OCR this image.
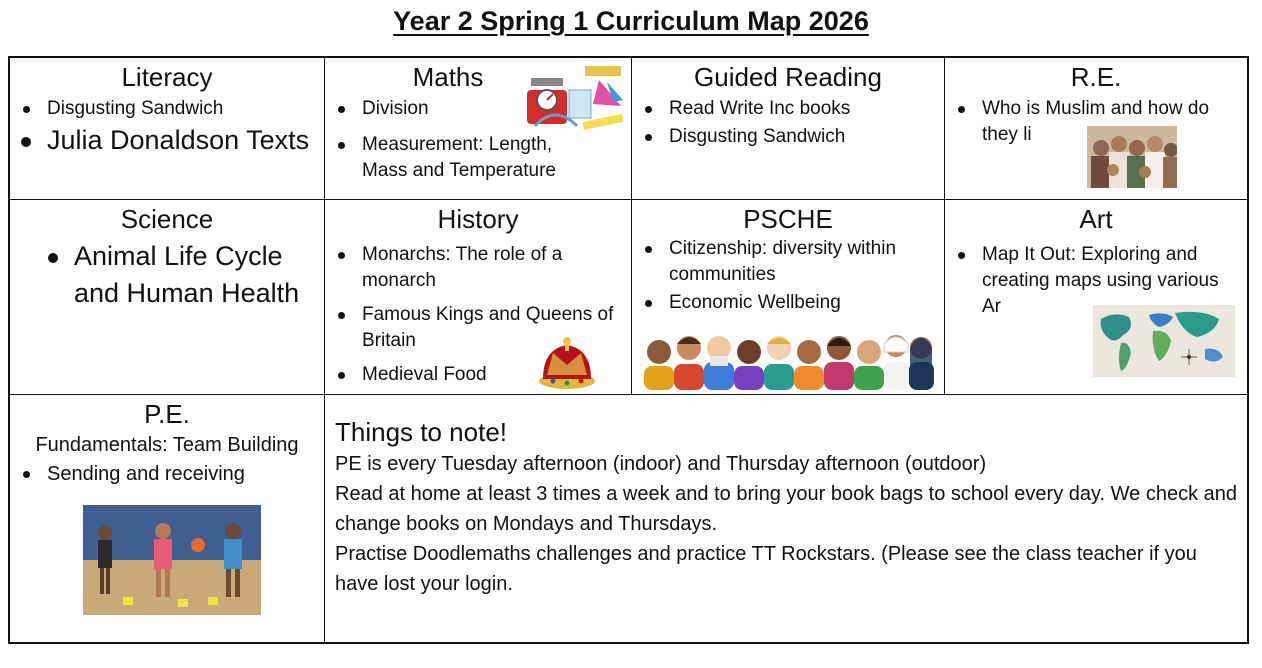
Year 2 Spring 1 Curriculum Map 2026
Literacy
Disgusting Sandwich
Julia Donaldson Texts
Maths
Division
Measurement: Length, Mass and Temperature
Guided Reading
Read Write Inc books
Disgusting Sandwich
R.E.
Who is Muslim and how do they li
Science
Animal Life Cycle and Human Health
History
Monarchs: The role of a monarch
Famous Kings and Queens of Britain
Medieval Food
PSCHE
Citizenship: diversity within communities
Economic Wellbeing
Art
Map It Out: Exploring and creating maps using various Ar
P.E.
Fundamentals: Team Building
Sending and receiving
Things to note!
PE is every Tuesday afternoon (indoor) and Thursday afternoon (outdoor)
Read at home at least 3 times a week and to bring your book bags to school every day. We check and change books on Mondays and Thursdays.
Practise Doodlemaths challenges and practice TT Rockstars. (Please see the class teacher if you have lost your login.
